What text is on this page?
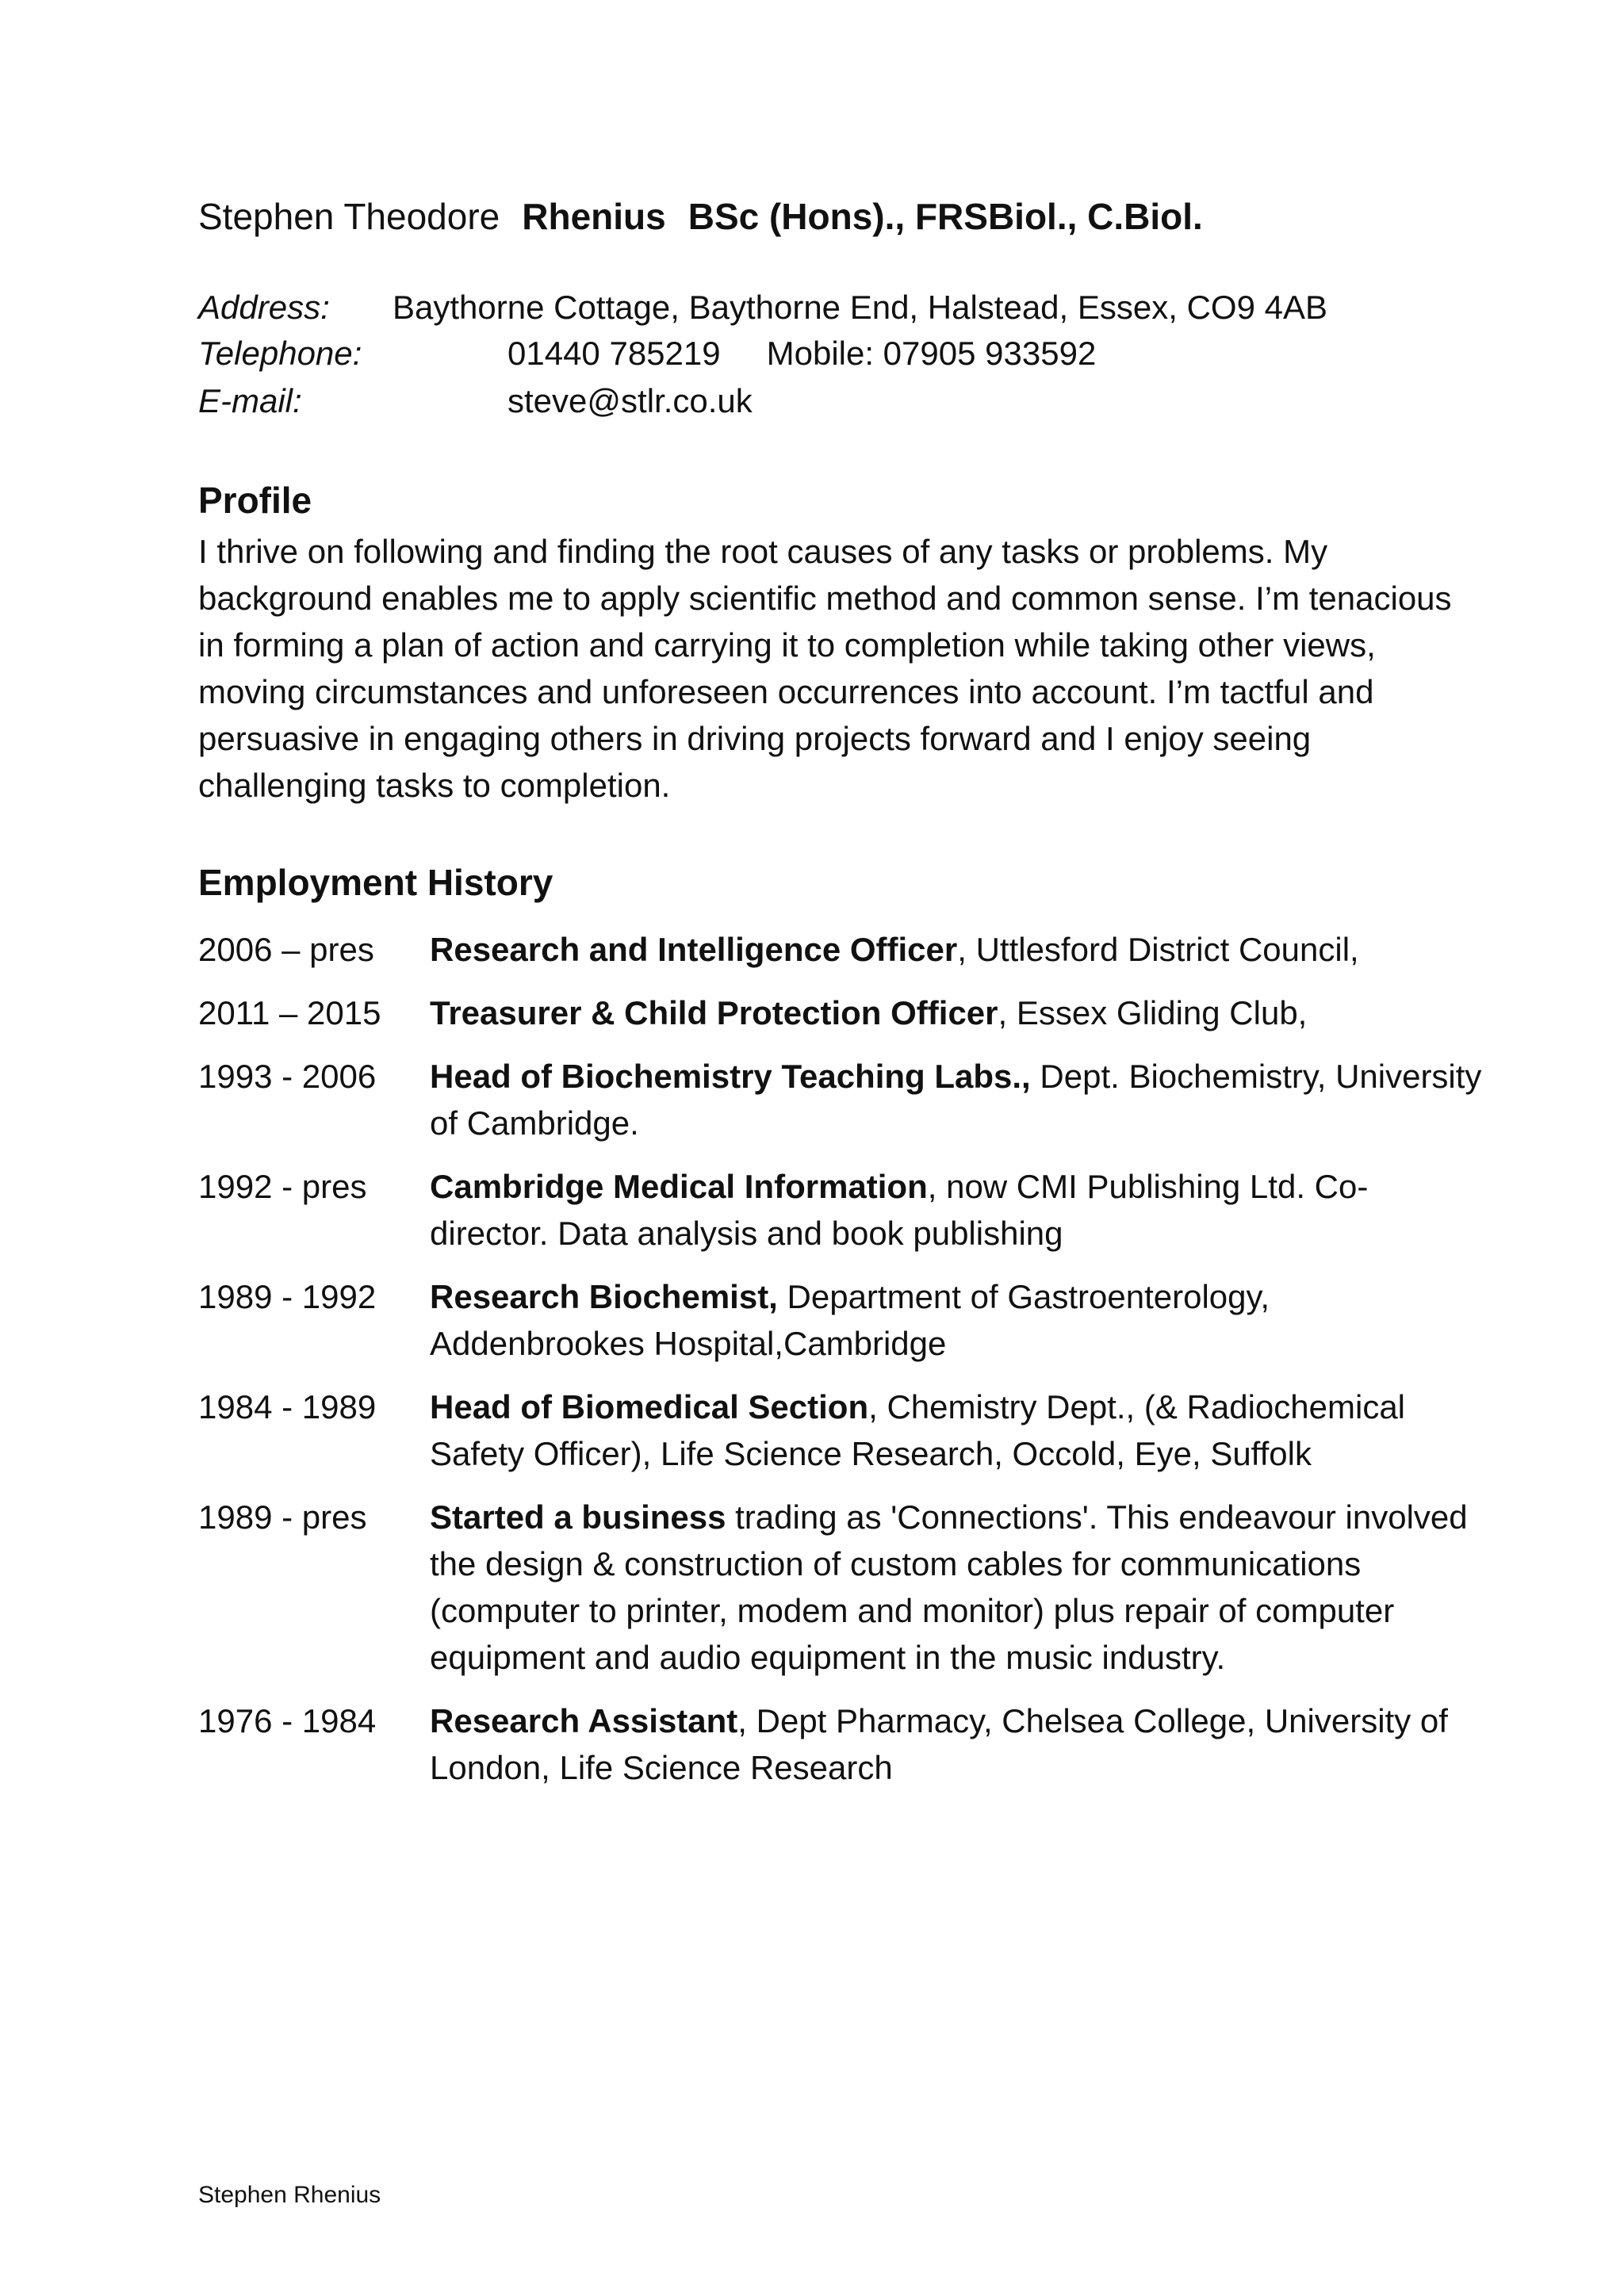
Stephen Theodore Rhenius BSc (Hons)., FRSBiol., C.Biol.
Address: Baythorne Cottage, Baythorne End, Halstead, Essex, CO9 4AB
Telephone:	01440 785219 Mobile: 07905 933592
E-mail:	steve@stlr.co.uk
Profile

I thrive on following and finding the root causes of any tasks or problems. My background enables me to apply scientific method and common sense. I’m tenacious in forming a plan of action and carrying it to completion while taking other views, moving circumstances and unforeseen occurrences into account. I’m tactful and persuasive in engaging others in driving projects forward and I enjoy seeing challenging tasks to completion.

Employment History
2006 – pres	Research and Intelligence Officer, Uttlesford District Council,
2011 – 2015	Treasurer & Child Protection Officer, Essex Gliding Club,
1993 - 2006	Head of Biochemistry Teaching Labs., Dept. Biochemistry, University of Cambridge.
1992 - pres	Cambridge Medical Information, now CMI Publishing Ltd. Co-director. Data analysis and book publishing
1989 - 1992	Research Biochemist, Department of Gastroenterology, Addenbrookes Hospital,Cambridge
1984 - 1989	Head of Biomedical Section, Chemistry Dept., (& Radiochemical Safety Officer), Life Science Research, Occold, Eye, Suffolk
1989 - pres	Started a business trading as 'Connections'. This endeavour involved the design & construction of custom cables for communications (computer to printer, modem and monitor) plus repair of computer equipment and audio equipment in the music industry.
1976 - 1984	Research Assistant, Dept Pharmacy, Chelsea College, University of London, Life Science Research
Stephen Rhenius
